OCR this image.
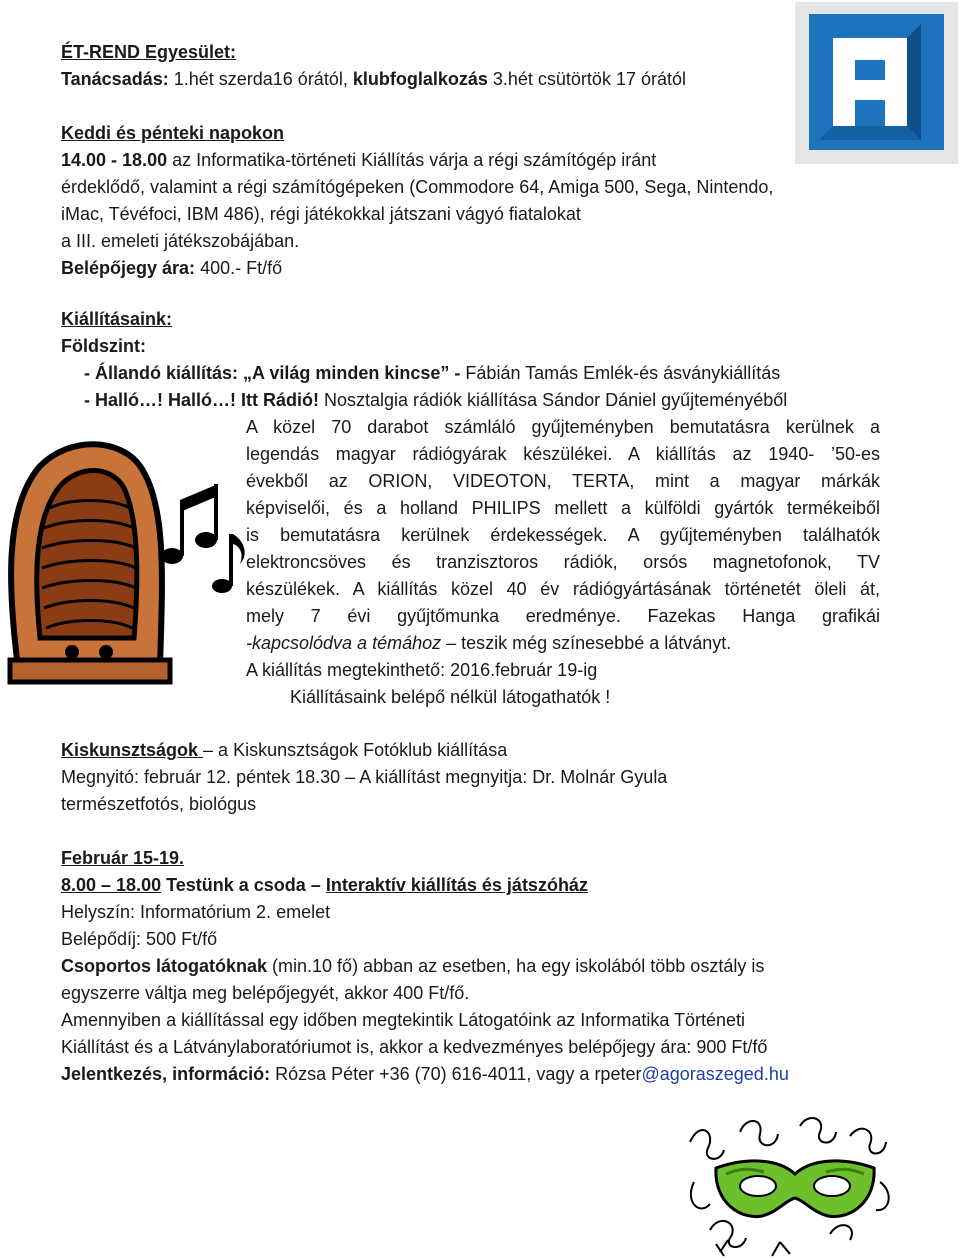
ÉT-REND Egyesület:
Tanácsadás: 1.hét szerda16 órától, klubfoglalkozás 3.hét csütörtök 17 órától
Keddi és pénteki napokon
14.00 - 18.00 az Informatika-történeti Kiállítás várja a régi számítógép iránt
érdeklődő, valamint a régi számítógépeken (Commodore 64, Amiga 500, Sega, Nintendo,
iMac, Tévéfoci, IBM 486), régi játékokkal játszani vágyó fiatalokat
a III. emeleti játékszobájában.
Belépőjegy ára: 400.- Ft/fő
Kiállításaink:
Földszint:
- Állandó kiállítás: „A világ minden kincse” - Fábián Tamás Emlék-és ásványkiállítás
- Halló…! Halló…! Itt Rádió! Nosztalgia rádiók kiállítása Sándor Dániel gyűjteményéből
A közel 70 darabot számláló gyűjteményben bemutatásra kerülnek a
legendás magyar rádiógyárak készülékei. A kiállítás az 1940- ’50-es
évekből az ORION, VIDEOTON, TERTA, mint a magyar márkák
képviselői, és a holland PHILIPS mellett a külföldi gyártók termékeiből
is bemutatásra kerülnek érdekességek. A gyűjteményben találhatók
elektroncsöves és tranzisztoros rádiók, orsós magnetofonok, TV
készülékek. A kiállítás közel 40 év rádiógyártásának történetét öleli át,
mely 7 évi gyűjtőmunka eredménye. Fazekas Hanga grafikái
-kapcsolódva a témához – teszik még színesebbé a látványt.
A kiállítás megtekinthető: 2016.február 19-ig
Kiállításaink belépő nélkül látogathatók !
Kiskunsztságok – a Kiskunsztságok Fotóklub kiállítása
Megnyitó: február 12. péntek 18.30 – A kiállítást megnyitja: Dr. Molnár Gyula
természetfotós, biológus
Február 15-19.
8.00 – 18.00 Testünk a csoda – Interaktív kiállítás és játszóház
Helyszín: Informatórium 2. emelet
Belépődíj: 500 Ft/fő
Csoportos látogatóknak (min.10 fő) abban az esetben, ha egy iskolából több osztály is
egyszerre váltja meg belépőjegyét, akkor 400 Ft/fő.
Amennyiben a kiállítással egy időben megtekintik Látogatóink az Informatika Történeti
Kiállítást és a Látványlaboratóriumot is, akkor a kedvezményes belépőjegy ára: 900 Ft/fő
Jelentkezés, információ: Rózsa Péter +36 (70) 616-4011, vagy a rpeter@agoraszeged.hu
